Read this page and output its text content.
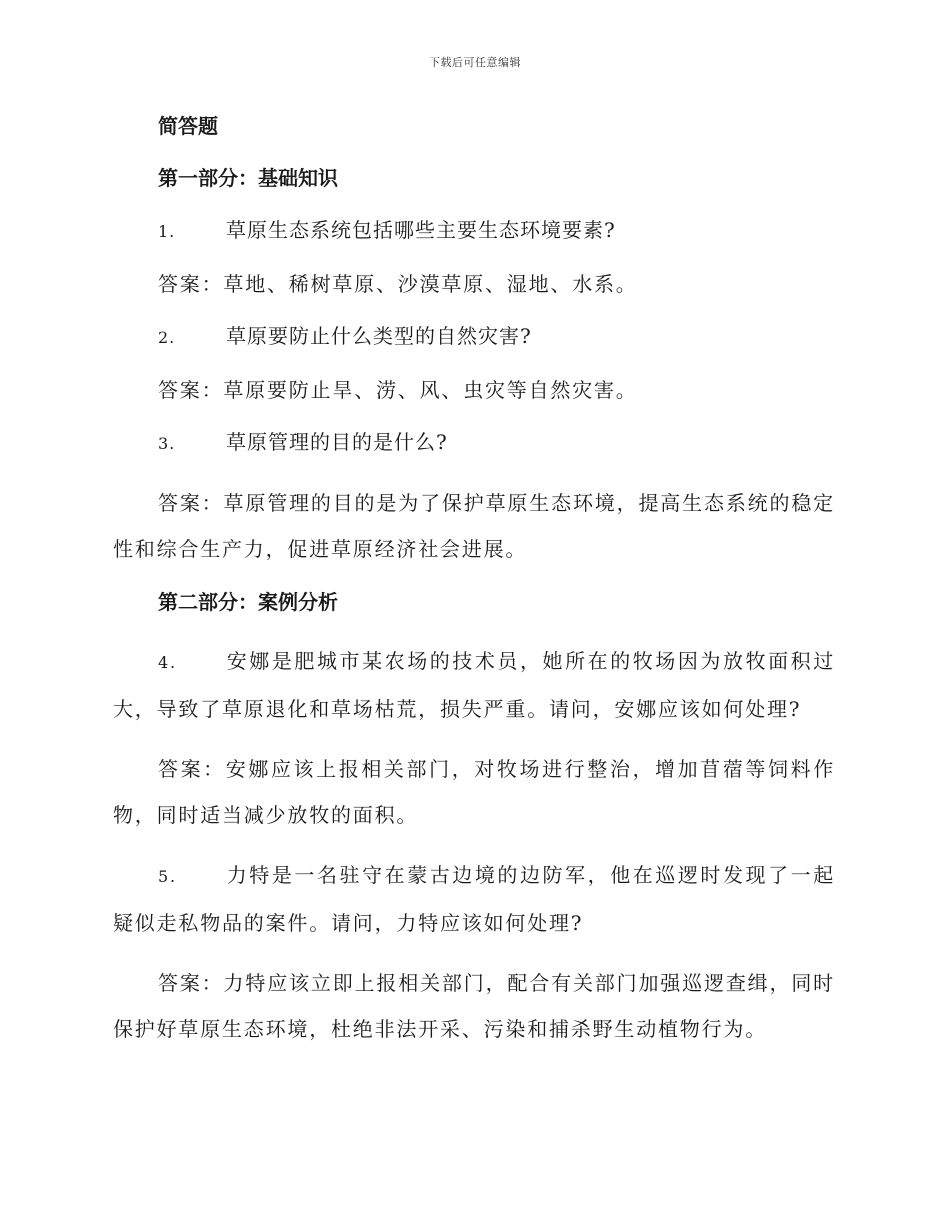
下载后可任意编辑

简答题

第一部分：基础知识

1.	草原生态系统包括哪些主要生态环境要素?

答案：草地、稀树草原、沙漠草原、湿地、水系。

2.	草原要防止什么类型的自然灾害?

答案：草原要防止旱、涝、风、虫灾等自然灾害。

3.	草原管理的目的是什么?

答案：草原管理的目的是为了保护草原生态环境，提高生态系统的稳定性和综合生产力，促进草原经济社会进展。

第二部分：案例分析

4. 安娜是肥城市某农场的技术员，她所在的牧场因为放牧面积过大，导致了草原退化和草场枯荒，损失严重。请问，安娜应该如何处理?

答案：安娜应该上报相关部门，对牧场进行整治，增加苜蓿等饲料作物，同时适当减少放牧的面积。

5. 力特是一名驻守在蒙古边境的边防军，他在巡逻时发现了一起疑似走私物品的案件。请问，力特应该如何处理?

答案：力特应该立即上报相关部门，配合有关部门加强巡逻查缉，同时保护好草原生态环境，杜绝非法开采、污染和捕杀野生动植物行为。
